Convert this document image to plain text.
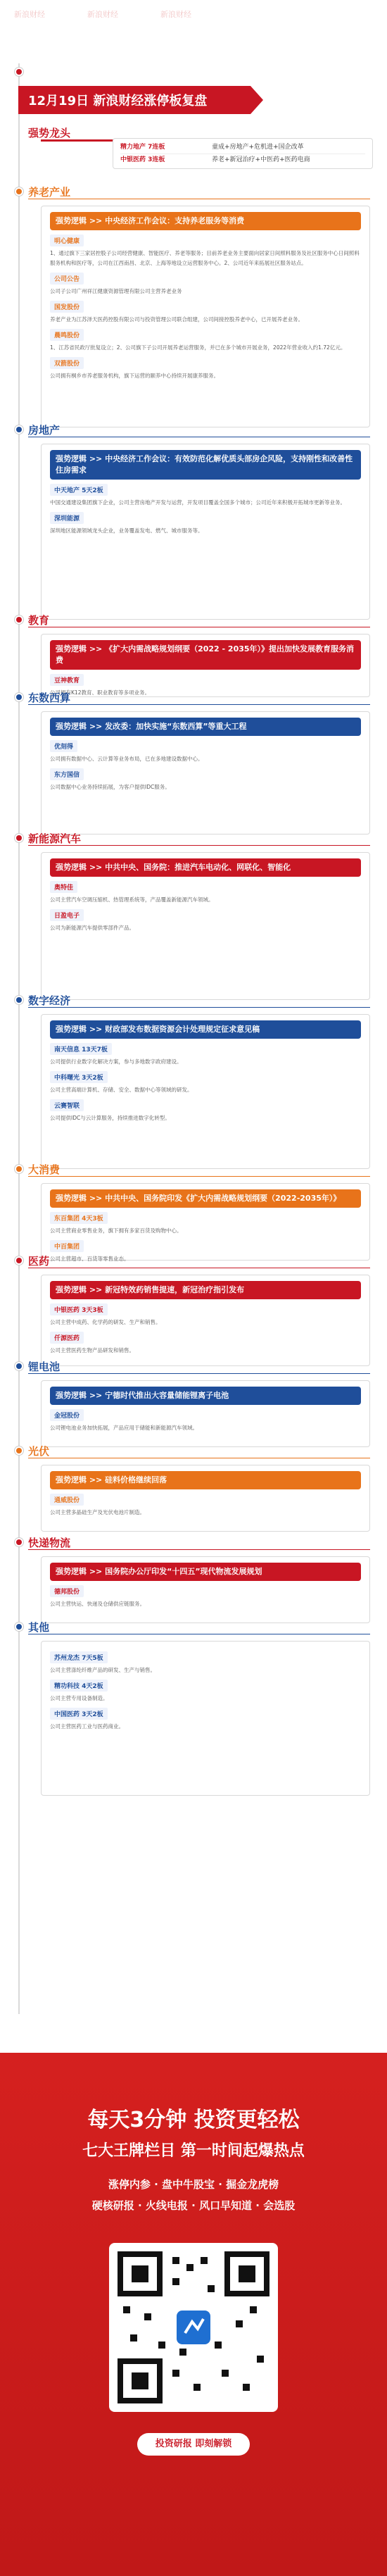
新浪财经	新浪财经	新浪财经
12月19日 新浪财经涨停板复盘
强势龙头
精力地产 7连板	童成+房地产+危机进+国企改革
中银医药 3连板	养老+新冠治疗+中医药+医药电商
养老产业
强势逻辑 >> 中央经济工作会议：支持养老服务等消费
明心健康
1、通过旗下三家居控股子公司经营健康、智能医疗、养老等服务；目前养老业务主要面向居家日间照料服务及社区服务中心日间照料服务机构和医疗等，公司在江西南昌、北京、上海等地设立运营服务中心。2、公司近年来拓展社区服务站点。
公司公告
公司子公司广州祥江健康资源管理有限公司主营养老业务
国发股份
养老产业为江苏泽天医药控股有限公司与投资管理公司联合组建，公司间接控股养老中心，已开展养老业务。
晨鸣股份
1、江苏省民政厅批复设立；2、公司旗下子公司开展养老运营服务，并已在多个城市开展业务，2022年营业收入约1.72亿元。
双箭股份
公司拥有桐乡市养老服务机构，旗下运营的颐养中心持续开展康养服务。
房地产
强势逻辑 >> 中央经济工作会议：有效防范化解优质头部房企风险，支持刚性和改善性住房需求
中天地产 5天2板
中国交通建设集团旗下企业，公司主营房地产开发与运营，开发项目覆盖全国多个城市；公司近年来积极开拓城市更新等业务。
深圳能源
深圳地区能源领域龙头企业，业务覆盖发电、燃气、城市服务等。
教育
强势逻辑 >> 《扩大内需战略规划纲要（2022 - 2035年）》提出加快发展教育服务消费
豆神教育
公司拥有K12教育、职业教育等多项业务。
东数西算
强势逻辑 >> 发改委：加快实施“东数西算”等重大工程
优刻得
公司拥有数据中心、云计算等业务布局，已在多地建设数据中心。
东方国信
公司数据中心业务持续拓展，为客户提供IDC服务。
新能源汽车
强势逻辑 >> 中共中央、国务院：推进汽车电动化、网联化、智能化
奥特佳
公司主营汽车空调压缩机、热管理系统等，产品覆盖新能源汽车领域。
日盈电子
公司为新能源汽车提供零部件产品。
数字经济
强势逻辑 >> 财政部发布数据资源会计处理规定征求意见稿
南天信息 13天7板
公司提供行业数字化解决方案，参与多地数字政府建设。
中科曙光 3天2板
公司主营高端计算机、存储、安全、数据中心等领域的研发。
云赛智联
公司提供IDC与云计算服务，持续推进数字化转型。
大消费
强势逻辑 >> 中共中央、国务院印发《扩大内需战略规划纲要（2022-2035年）》
东百集团 4天3板
公司主营商业零售业务，旗下拥有多家百货及购物中心。
中百集团
公司主营超市、百货等零售业态。
医药
强势逻辑 >> 新冠特效药销售提速，新冠治疗指引发布
中银医药 3天3板
公司主营中成药、化学药的研发、生产和销售。
仟源医药
公司主营医药生物产品研发和销售。
锂电池
强势逻辑 >> 宁德时代推出大容量储能锂离子电池
金冠股份
公司锂电池业务加快拓展，产品应用于储能和新能源汽车领域。
光伏
强势逻辑 >> 硅料价格继续回落
通威股份
公司主营多晶硅生产及光伏电池片制造。
快递物流
强势逻辑 >> 国务院办公厅印发“十四五”现代物流发展规划
德邦股份
公司主营快运、快递及仓储供应链服务。
其他
苏州龙杰 7天5板
公司主营涤纶纤维产品的研发、生产与销售。
精功科技 4天2板
公司主营专用设备制造。
中国医药 3天2板
公司主营医药工业与医药商业。
每天3分钟 投资更轻松
七大王牌栏目 第一时间起爆热点
涨停内参 · 盘中牛股宝 · 掘金龙虎榜
硬核研报 · 火线电报 · 风口早知道 · 会选股
投资研报 即刻解锁
